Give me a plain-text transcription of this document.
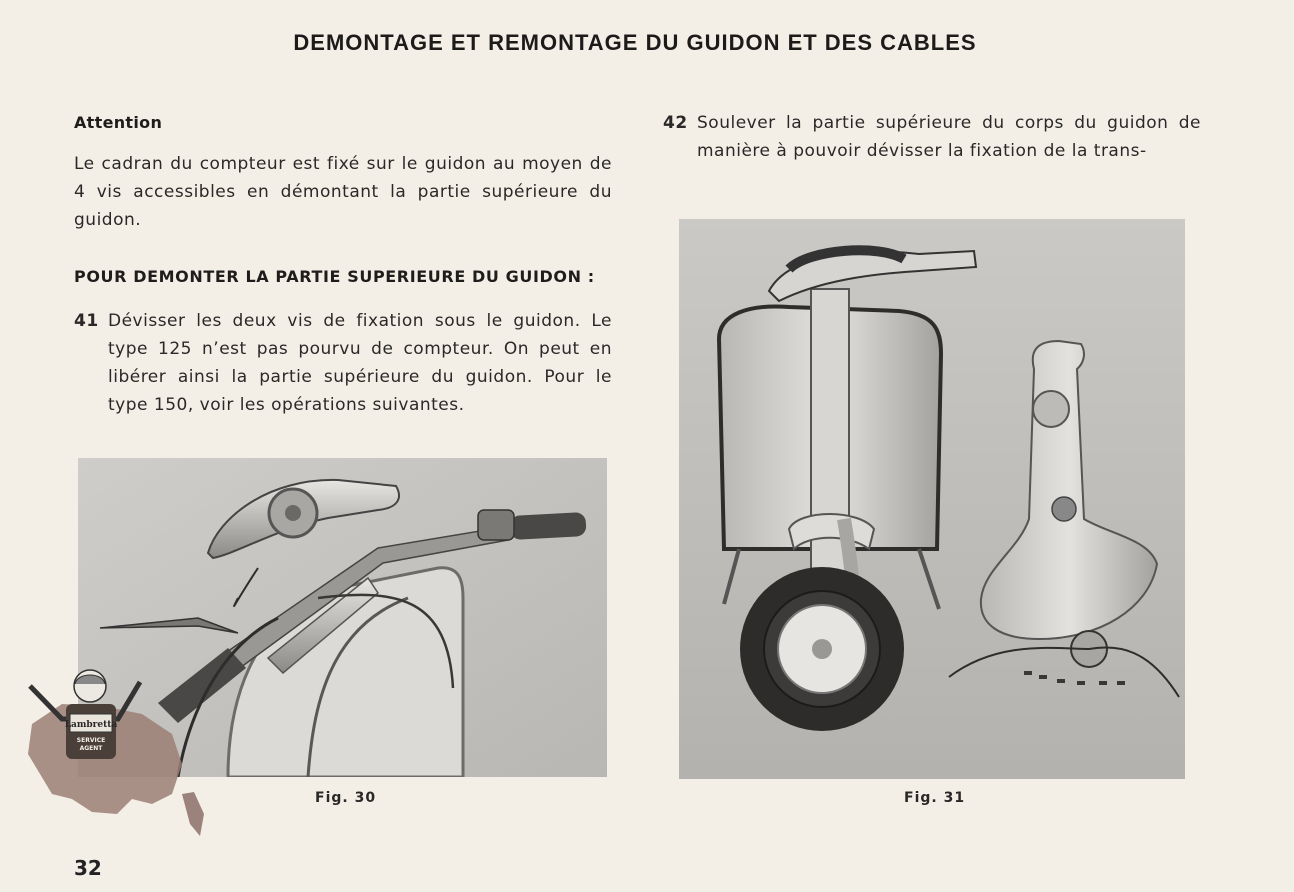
DEMONTAGE ET REMONTAGE DU GUIDON ET DES CABLES
Attention
Le cadran du compteur est fixé sur le guidon au moyen de 4 vis accessibles en démontant la partie supérieure du guidon.
POUR DEMONTER LA PARTIE SUPERIEURE DU GUIDON :
41 Dévisser les deux vis de fixation sous le guidon. Le type 125 n’est pas pourvu de compteur. On peut en libérer ainsi la partie supérieure du guidon. Pour le type 150, voir les opérations suivantes.
Fig. 30
42 Soulever la partie supérieure du corps du guidon de manière à pouvoir dévisser la fixation de la trans-
Fig. 31
Lambretta
SERVICE
AGENT
32
